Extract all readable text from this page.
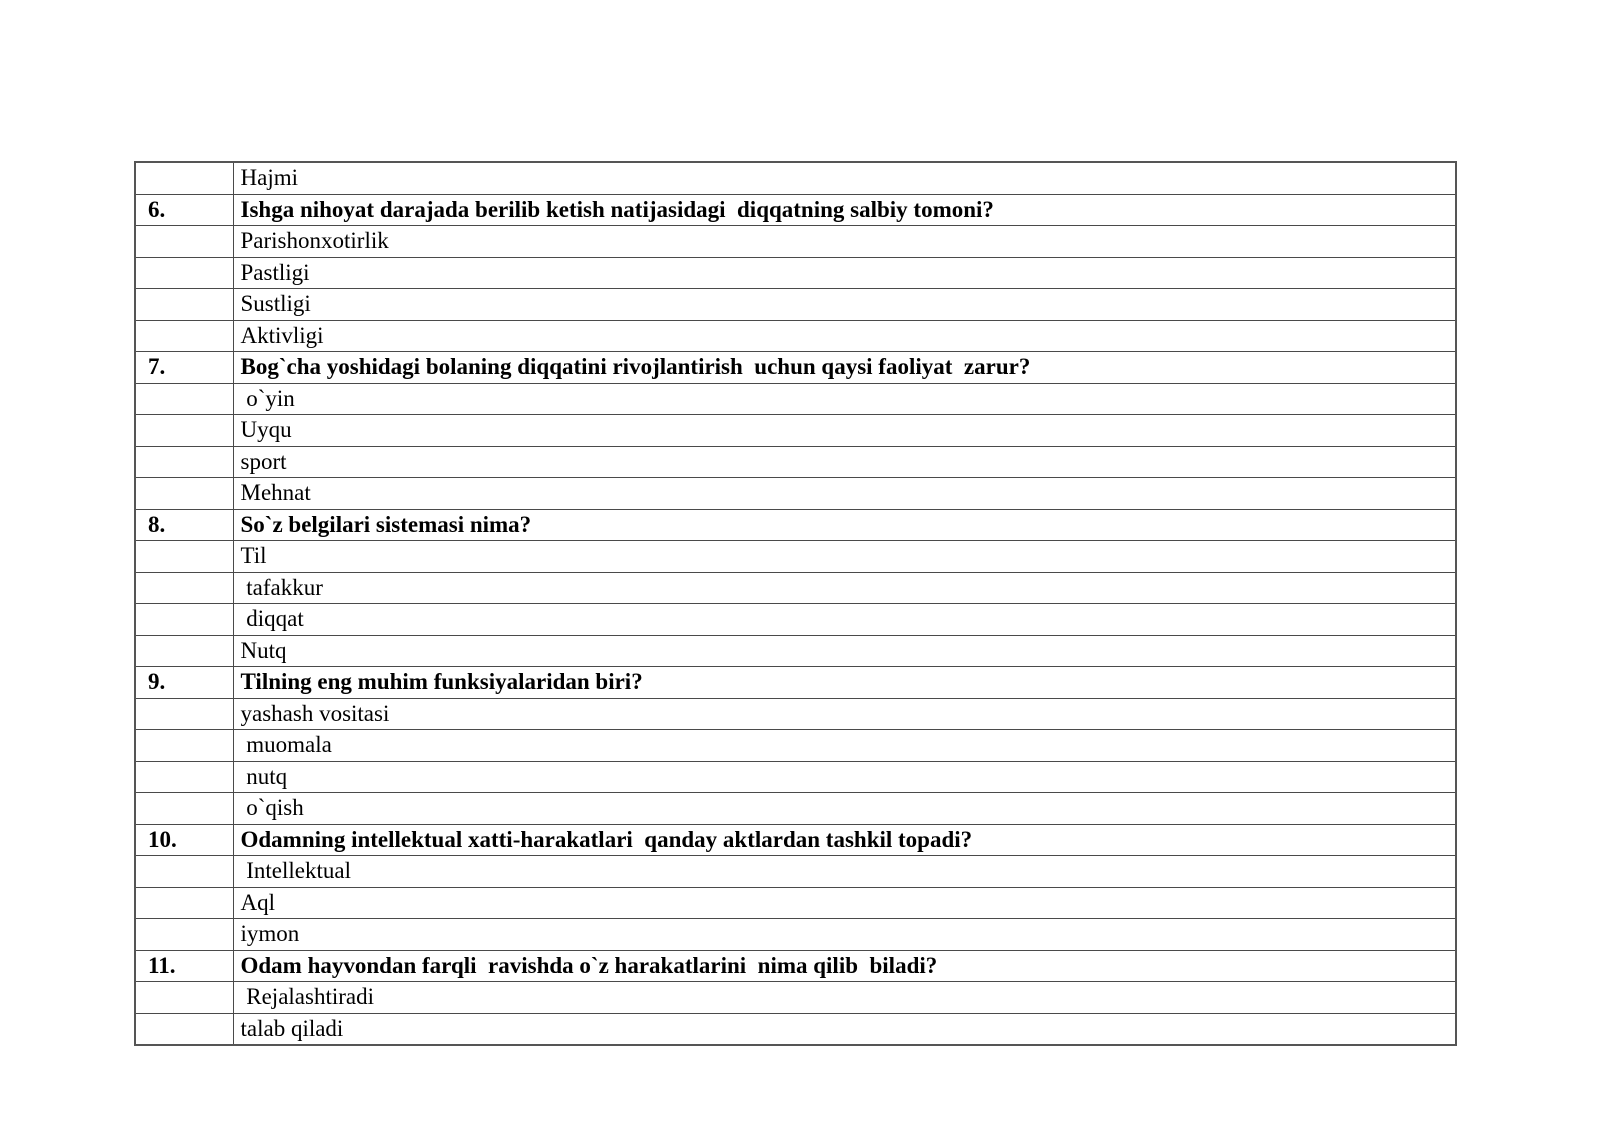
	Hajmi
6.	Ishga nihoyat darajada berilib ketish natijasidagi  diqqatning salbiy tomoni?
	Parishonxotirlik
	Pastligi
	Sustligi
	Aktivligi
7.	Bog`cha yoshidagi bolaning diqqatini rivojlantirish  uchun qaysi faoliyat  zarur?
	o`yin
	Uyqu
	sport
	Mehnat
8.	So`z belgilari sistemasi nima?
	Til
	tafakkur
	diqqat
	Nutq
9.	Tilning eng muhim funksiyalaridan biri?
	yashash vositasi
	muomala
	nutq
	o`qish
10.	Odamning intellektual xatti-harakatlari  qanday aktlardan tashkil topadi?
	Intellektual
	Aql
	iymon
11.	Odam hayvondan farqli  ravishda o`z harakatlarini  nima qilib  biladi?
	Rejalashtiradi
	talab qiladi
